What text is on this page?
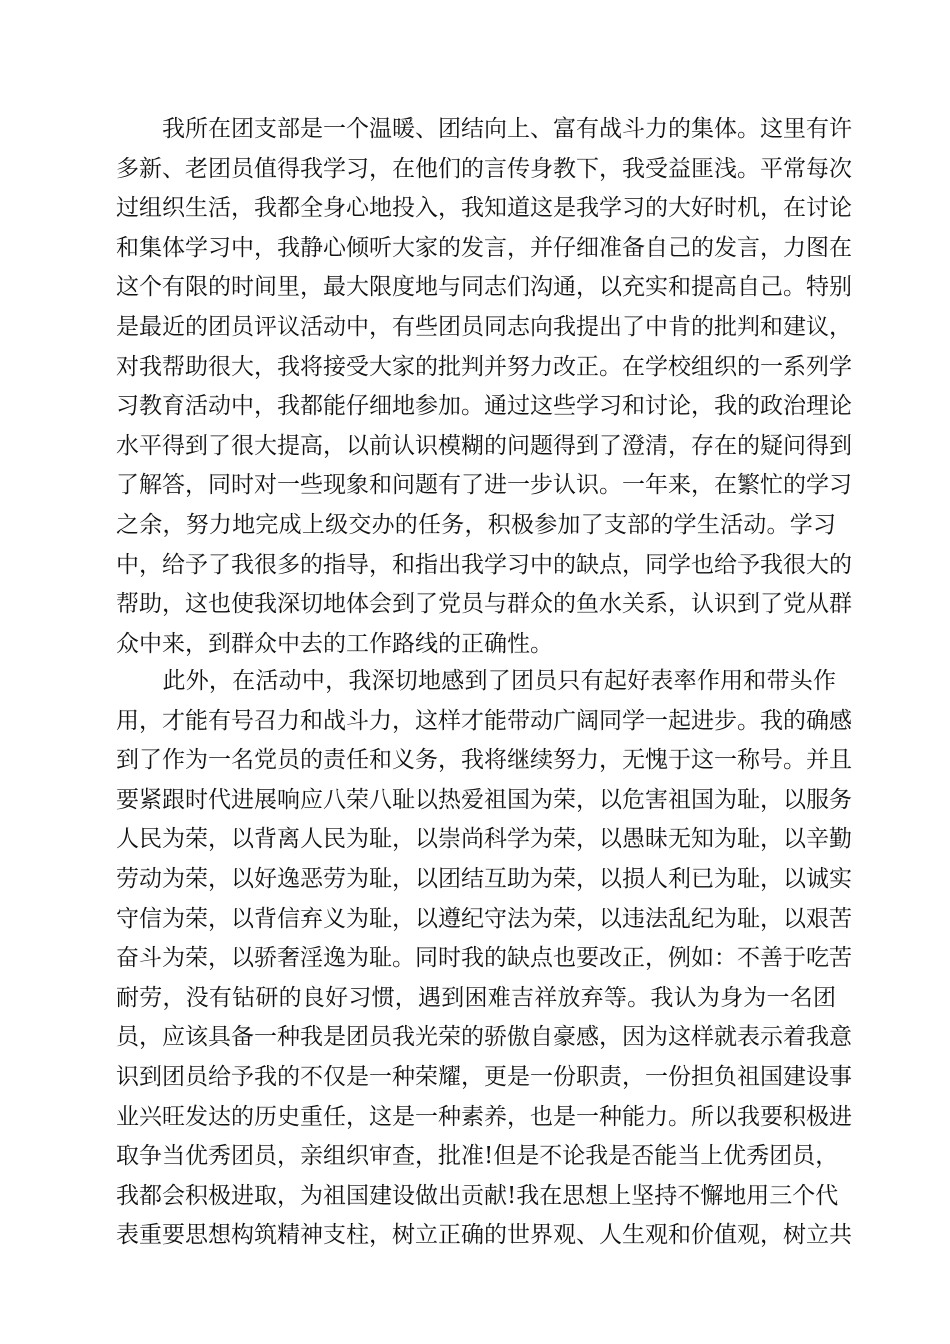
　　我所在团支部是一个温暖、团结向上、富有战斗力的集体。这里有许
多新、老团员值得我学习，在他们的言传身教下，我受益匪浅。平常每次
过组织生活，我都全身心地投入，我知道这是我学习的大好时机，在讨论
和集体学习中，我静心倾听大家的发言，并仔细准备自己的发言，力图在
这个有限的时间里，最大限度地与同志们沟通，以充实和提高自己。特别
是最近的团员评议活动中，有些团员同志向我提出了中肯的批判和建议，
对我帮助很大，我将接受大家的批判并努力改正。在学校组织的一系列学
习教育活动中，我都能仔细地参加。通过这些学习和讨论，我的政治理论
水平得到了很大提高，以前认识模糊的问题得到了澄清，存在的疑问得到
了解答，同时对一些现象和问题有了进一步认识。一年来，在繁忙的学习
之余，努力地完成上级交办的任务，积极参加了支部的学生活动。学习
中，给予了我很多的指导，和指出我学习中的缺点，同学也给予我很大的
帮助，这也使我深切地体会到了党员与群众的鱼水关系，认识到了党从群
众中来，到群众中去的工作路线的正确性。
　　此外，在活动中，我深切地感到了团员只有起好表率作用和带头作
用，才能有号召力和战斗力，这样才能带动广阔同学一起进步。我的确感
到了作为一名党员的责任和义务，我将继续努力，无愧于这一称号。并且
要紧跟时代进展响应八荣八耻以热爱祖国为荣，以危害祖国为耻，以服务
人民为荣，以背离人民为耻，以崇尚科学为荣，以愚昧无知为耻，以辛勤
劳动为荣，以好逸恶劳为耻，以团结互助为荣，以损人利已为耻，以诚实
守信为荣，以背信弃义为耻，以遵纪守法为荣，以违法乱纪为耻，以艰苦
奋斗为荣，以骄奢淫逸为耻。同时我的缺点也要改正，例如：不善于吃苦
耐劳，没有钻研的良好习惯，遇到困难吉祥放弃等。我认为身为一名团
员，应该具备一种我是团员我光荣的骄傲自豪感，因为这样就表示着我意
识到团员给予我的不仅是一种荣耀，更是一份职责，一份担负祖国建设事
业兴旺发达的历史重任，这是一种素养，也是一种能力。所以我要积极进
取争当优秀团员，亲组织审查，批准!但是不论我是否能当上优秀团员，
我都会积极进取，为祖国建设做出贡献!我在思想上坚持不懈地用三个代
表重要思想构筑精神支柱，树立正确的世界观、人生观和价值观，树立共
